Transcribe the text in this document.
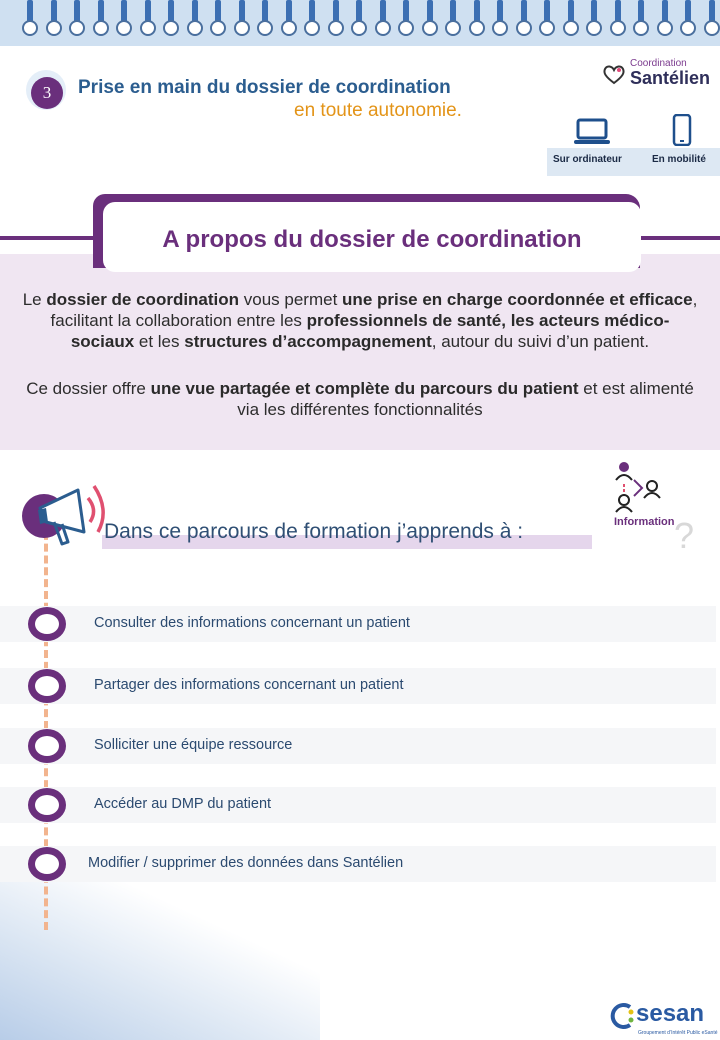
3	Prise en main du dossier de coordination
en toute autonomie.
Coordination
Santélien
Sur ordinateur	En mobilité
A propos du dossier de coordination

Le dossier de coordination vous permet une prise en charge coordonnée et efficace, facilitant la collaboration entre les professionnels de santé, les acteurs médico-sociaux et les structures d’accompagnement, autour du suivi d’un patient.

Ce dossier offre une vue partagée et complète du parcours du patient et est alimenté via les différentes fonctionnalités

Dans ce parcours de formation j’apprends à :	?
Information
Consulter des informations concernant un patient
Partager des informations concernant un patient
Solliciter une équipe ressource
Accéder au DMP du patient
Modifier / supprimer des données dans Santélien
sesan
Groupement d’Intérêt Public eSanté
